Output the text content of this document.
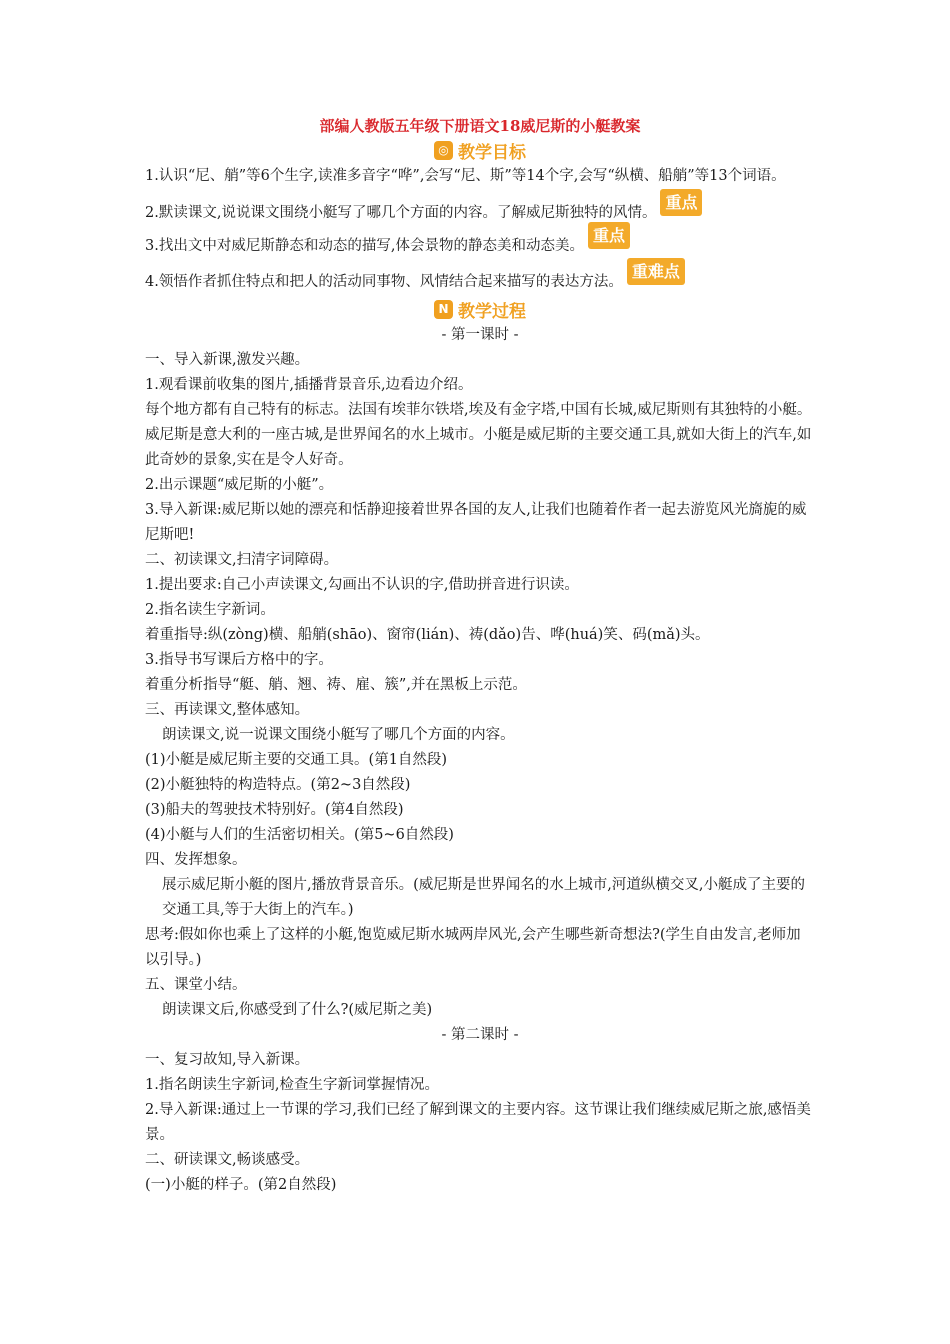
部编人教版五年级下册语文18威尼斯的小艇教案
◎ 教学目标

1.认识“尼、艄”等6个生字,读准多音字“哗”,会写“尼、斯”等14个字,会写“纵横、船艄”等13个词语。

2.默读课文,说说课文围绕小艇写了哪几个方面的内容。了解威尼斯独特的风情。
重点

3.找出文中对威尼斯静态和动态的描写,体会景物的静态美和动态美。
重点

4.领悟作者抓住特点和把人的活动同事物、风情结合起来描写的表达方法。
重难点

N 教学过程

- 第一课时 -

一、导入新课,激发兴趣。

1.观看课前收集的图片,插播背景音乐,边看边介绍。

每个地方都有自己特有的标志。法国有埃菲尔铁塔,埃及有金字塔,中国有长城,威尼斯则有其独特的小艇。威尼斯是意大利的一座古城,是世界闻名的水上城市。小艇是威尼斯的主要交通工具,就如大街上的汽车,如此奇妙的景象,实在是令人好奇。

2.出示课题“威尼斯的小艇”。

3.导入新课:威尼斯以她的漂亮和恬静迎接着世界各国的友人,让我们也随着作者一起去游览风光旖旎的威尼斯吧!

二、初读课文,扫清字词障碍。

1.提出要求:自己小声读课文,勾画出不认识的字,借助拼音进行识读。

2.指名读生字新词。

着重指导:纵(zòng)横、船艄(shāo)、窗帘(lián)、祷(dǎo)告、哗(huá)笑、码(mǎ)头。

3.指导书写课后方格中的字。

着重分析指导“艇、艄、翘、祷、雇、簇”,并在黑板上示范。

三、再读课文,整体感知。

朗读课文,说一说课文围绕小艇写了哪几个方面的内容。

(1)小艇是威尼斯主要的交通工具。(第1自然段)

(2)小艇独特的构造特点。(第2~3自然段)

(3)船夫的驾驶技术特别好。(第4自然段)

(4)小艇与人们的生活密切相关。(第5~6自然段)

四、发挥想象。

展示威尼斯小艇的图片,播放背景音乐。(威尼斯是世界闻名的水上城市,河道纵横交叉,小艇成了主要的交通工具,等于大街上的汽车。)

思考:假如你也乘上了这样的小艇,饱览威尼斯水城两岸风光,会产生哪些新奇想法?(学生自由发言,老师加以引导。)

五、课堂小结。

朗读课文后,你感受到了什么?(威尼斯之美)

- 第二课时 -

一、复习故知,导入新课。

1.指名朗读生字新词,检查生字新词掌握情况。

2.导入新课:通过上一节课的学习,我们已经了解到课文的主要内容。这节课让我们继续威尼斯之旅,感悟美景。

二、研读课文,畅谈感受。

(一)小艇的样子。(第2自然段)
